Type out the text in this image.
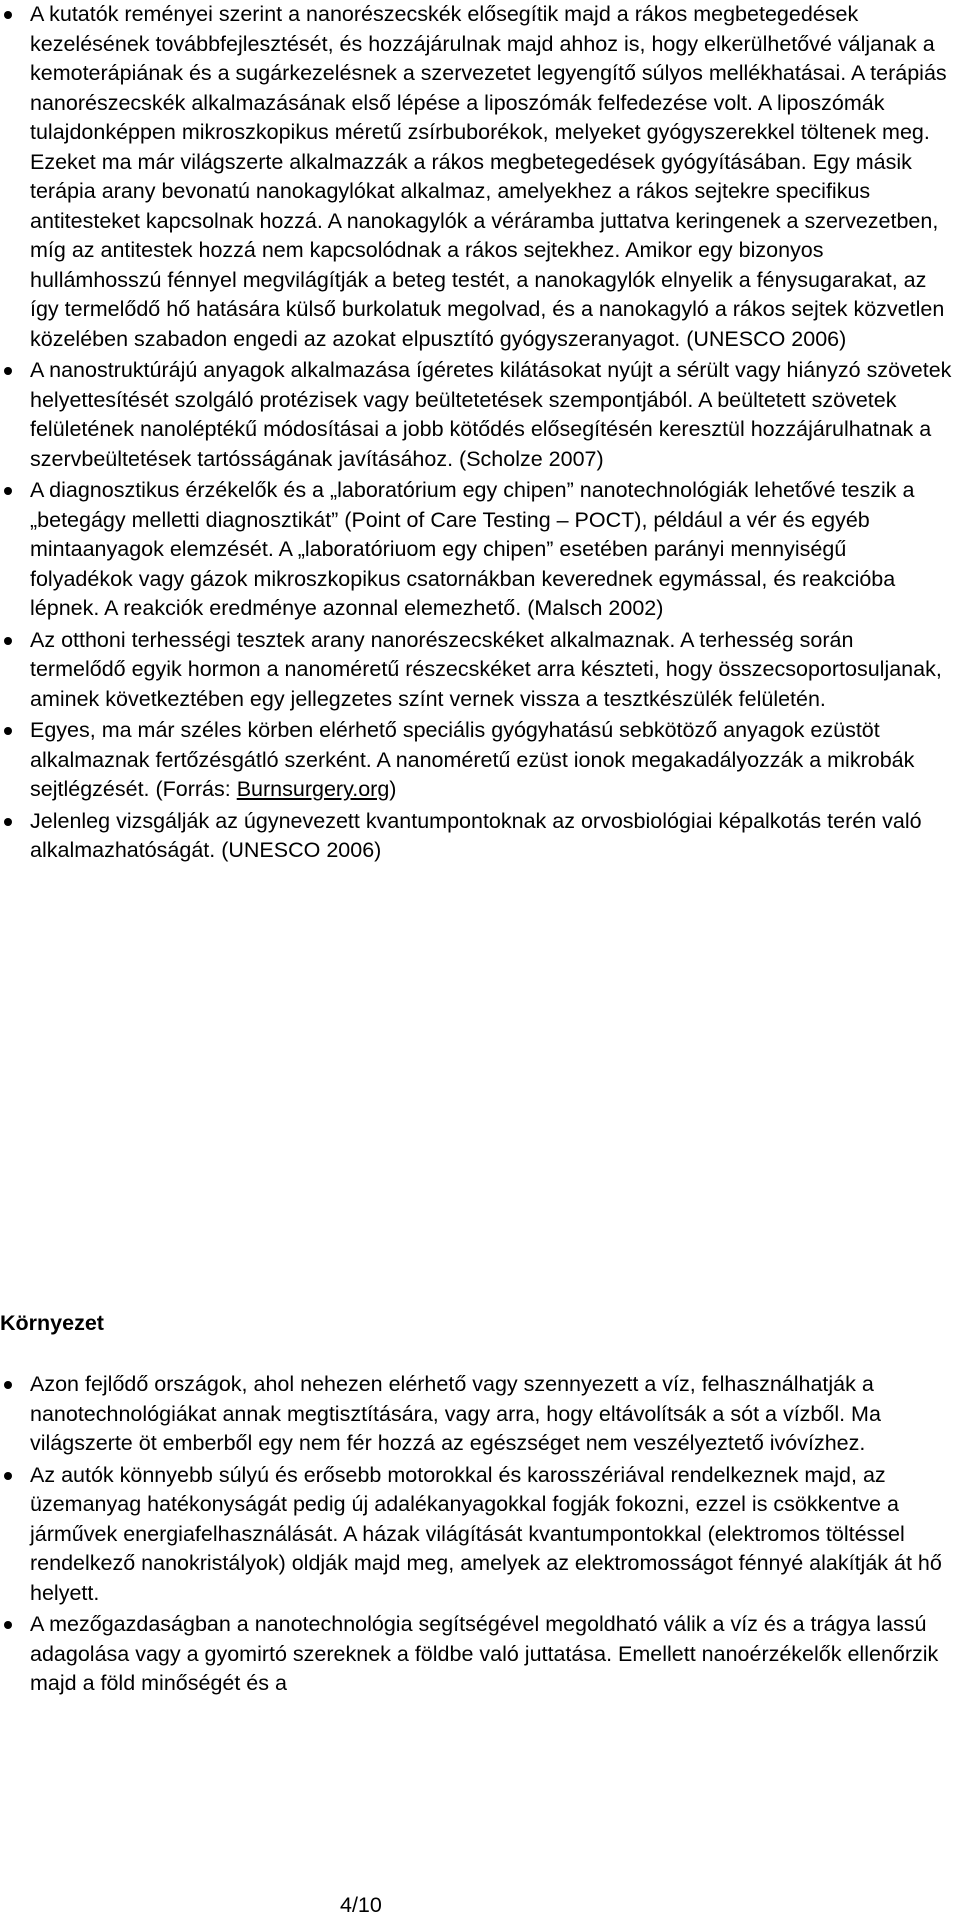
A kutatók reményei szerint a nanorészecskék elősegítik majd a rákos megbetegedések kezelésének továbbfejlesztését, és hozzájárulnak majd ahhoz is, hogy elkerülhetővé váljanak a kemoterápiának és a sugárkezelésnek a szervezetet legyengítő súlyos mellékhatásai. A terápiás nanorészecskék alkalmazásának első lépése a liposzómák felfedezése volt. A liposzómák tulajdonképpen mikroszkopikus méretű zsírbuborékok, melyeket gyógyszerekkel töltenek meg. Ezeket ma már világszerte alkalmazzák a rákos megbetegedések gyógyításában. Egy másik terápia arany bevonatú nanokagylókat alkalmaz, amelyekhez a rákos sejtekre specifikus antitesteket kapcsolnak hozzá. A nanokagylók a véráramba juttatva keringenek a szervezetben, míg az antitestek hozzá nem kapcsolódnak a rákos sejtekhez. Amikor egy bizonyos hullámhosszú fénnyel megvilágítják a beteg testét, a nanokagylók elnyelik a fénysugarakat, az így termelődő hő hatására külső burkolatuk megolvad, és a nanokagyló a rákos sejtek közvetlen közelében szabadon engedi az azokat elpusztító gyógyszeranyagot. (UNESCO 2006)
A nanostruktúrájú anyagok alkalmazása ígéretes kilátásokat nyújt a sérült vagy hiányzó szövetek helyettesítését szolgáló protézisek vagy beültetetések szempontjából. A beültetett szövetek felületének nanoléptékű módosításai a jobb kötődés elősegítésén keresztül hozzájárulhatnak a szervbeültetések tartósságának javításához. (Scholze 2007)
A diagnosztikus érzékelők és a „laboratórium egy chipen” nanotechnológiák lehetővé teszik a „betegágy melletti diagnosztikát” (Point of Care Testing – POCT), például a vér és egyéb mintaanyagok elemzését. A „laboratóriuom egy chipen” esetében parányi mennyiségű folyadékok vagy gázok mikroszkopikus csatornákban keverednek egymással, és reakcióba lépnek. A reakciók eredménye azonnal elemezhető. (Malsch 2002)
Az otthoni terhességi tesztek arany nanorészecskéket alkalmaznak. A terhesség során termelődő egyik hormon a nanoméretű részecskéket arra készteti, hogy összecsoportosuljanak, aminek következtében egy jellegzetes színt vernek vissza a tesztkészülék felületén.
Egyes, ma már széles körben elérhető speciális gyógyhatású sebkötöző anyagok ezüstöt alkalmaznak fertőzésgátló szerként. A nanoméretű ezüst ionok megakadályozzák a mikrobák sejtlégzését. (Forrás: Burnsurgery.org)
Jelenleg vizsgálják az úgynevezett kvantumpontoknak az orvosbiológiai képalkotás terén való alkalmazhatóságát. (UNESCO 2006)
Környezet
Azon fejlődő országok, ahol nehezen elérhető vagy szennyezett a víz, felhasználhatják a nanotechnológiákat annak megtisztítására, vagy arra, hogy eltávolítsák a sót a vízből. Ma világszerte öt emberből egy nem fér hozzá az egészséget nem veszélyeztető ivóvízhez.
Az autók könnyebb súlyú és erősebb motorokkal és karosszériával rendelkeznek majd, az üzemanyag hatékonyságát pedig új adalékanyagokkal fogják fokozni, ezzel is csökkentve a járművek energiafelhasználását. A házak világítását kvantumpontokkal (elektromos töltéssel rendelkező nanokristályok) oldják majd meg, amelyek az elektromosságot fénnyé alakítják át hő helyett.
A mezőgazdaságban a nanotechnológia segítségével megoldható válik a víz és a trágya lassú adagolása vagy a gyomirtó szereknek a földbe való juttatása. Emellett nanoérzékelők ellenőrzik majd a föld minőségét és a
4/10
